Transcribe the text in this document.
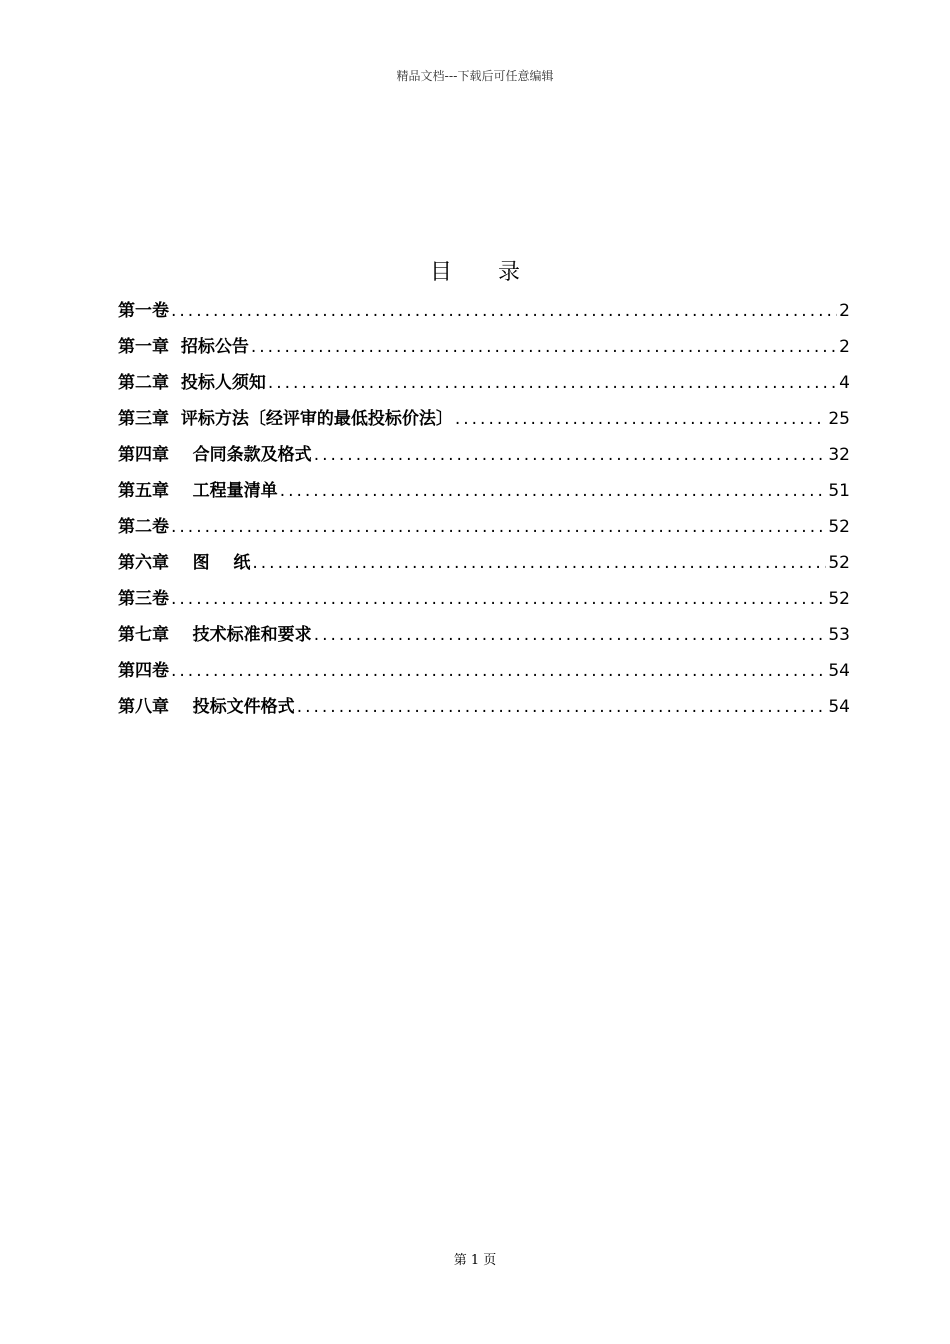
精品文档---下载后可任意编辑
目录
第一卷 .....	2
第一章  招标公告 .....	2
第二章  投标人须知 .....	4
第三章  评标方法〔经评审的最低投标价法〕 .....	25
第四章    合同条款及格式 .....	32
第五章    工程量清单 .....	51
第二卷 .....	52
第六章    图    纸 .....	52
第三卷 .....	52
第七章    技术标准和要求 .....	53
第四卷 .....	54
第八章    投标文件格式 .....	54
第 1 页
